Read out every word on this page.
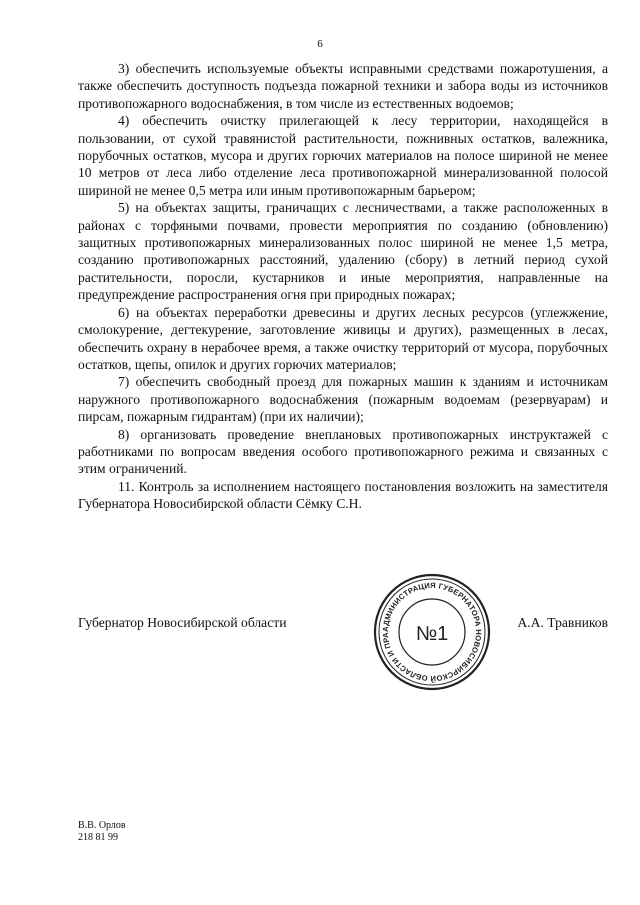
6

3) обеспечить используемые объекты исправными средствами пожаротушения, а также обеспечить доступность подъезда пожарной техники и забора воды из источников противопожарного водоснабжения, в том числе из естественных водоемов;

4) обеспечить очистку прилегающей к лесу территории, находящейся в пользовании, от сухой травянистой растительности, пожнивных остатков, валежника, порубочных остатков, мусора и других горючих материалов на полосе шириной не менее 10 метров от леса либо отделение леса противопожарной минерализованной полосой шириной не менее 0,5 метра или иным противопожарным барьером;

5) на объектах защиты, граничащих с лесничествами, а также расположенных в районах с торфяными почвами, провести мероприятия по созданию (обновлению) защитных противопожарных минерализованных полос шириной не менее 1,5 метра, созданию противопожарных расстояний, удалению (сбору) в летний период сухой растительности, поросли, кустарников и иные мероприятия, направленные на предупреждение распространения огня при природных пожарах;

6) на объектах переработки древесины и других лесных ресурсов (углежжение, смолокурение, дегтекурение, заготовление живицы и других), размещенных в лесах, обеспечить охрану в нерабочее время, а также очистку территорий от мусора, порубочных остатков, щепы, опилок и других горючих материалов;

7) обеспечить свободный проезд для пожарных машин к зданиям и источникам наружного противопожарного водоснабжения (пожарным водоемам (резервуарам) и пирсам, пожарным гидрантам) (при их наличии);

8) организовать проведение внеплановых противопожарных инструктажей с работниками по вопросам введения особого противопожарного режима и связанных с этим ограничений.

11. Контроль за исполнением настоящего постановления возложить на заместителя Губернатора Новосибирской области Сёмку С.Н.

Губернатор Новосибирской области	А.А. Травников
АДМИНИСТРАЦИЯ ГУБЕРНАТОРА НОВОСИБИРСКОЙ ОБЛАСТИ И ПРА	№1
В.В. Орлов
218 81 99
